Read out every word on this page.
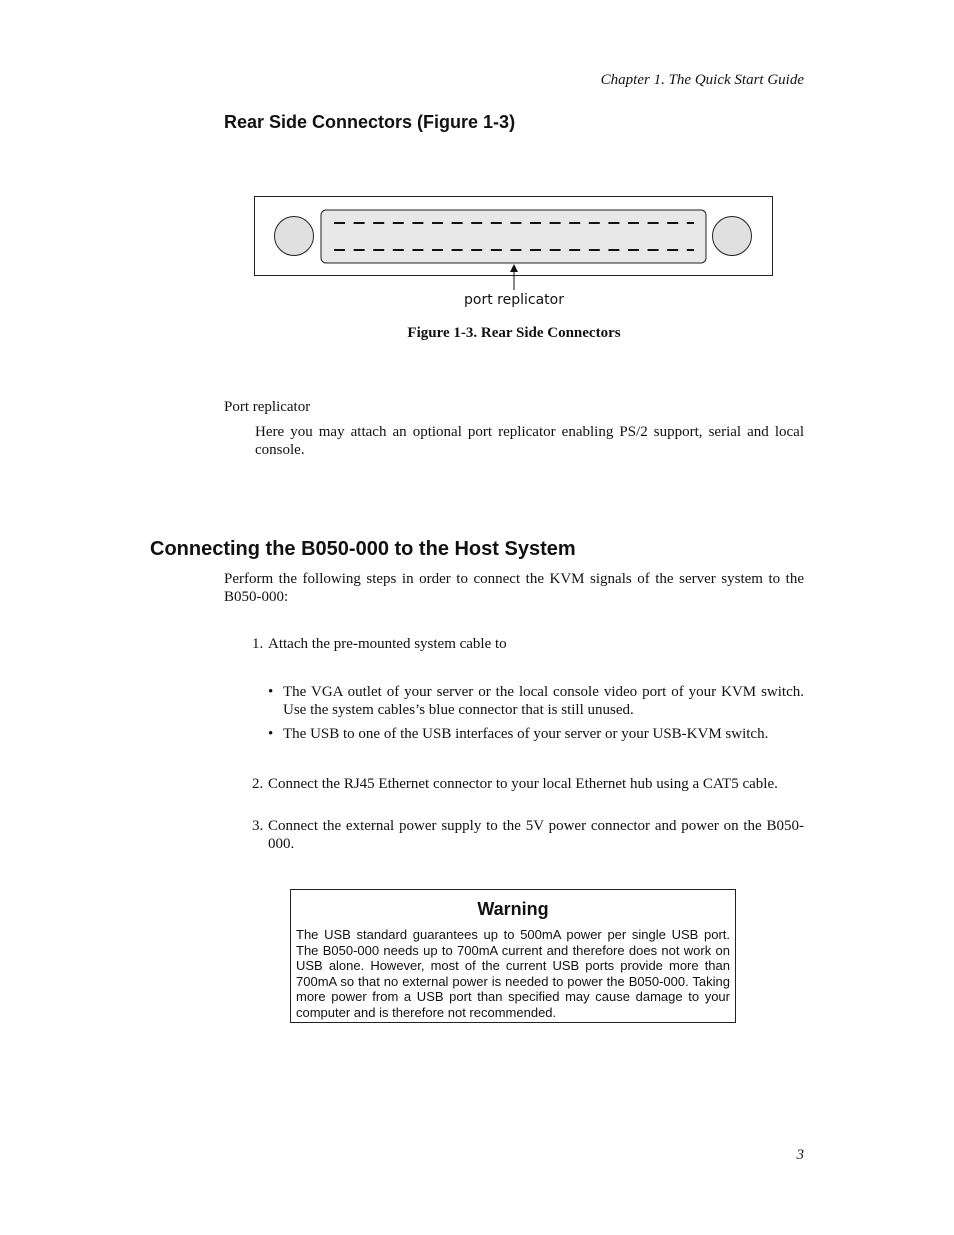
Chapter 1. The Quick Start Guide
Rear Side Connectors (Figure 1-3)
port replicator
Figure 1-3. Rear Side Connectors
Port replicator
Here you may attach an optional port replicator enabling PS/2 support, serial and local console.
Connecting the B050-000 to the Host System
Perform the following steps in order to connect the KVM signals of the server system to the B050-000:
1. Attach the pre-mounted system cable to
• The VGA outlet of your server or the local console video port of your KVM switch. Use the system cables’s blue connector that is still unused.
• The USB to one of the USB interfaces of your server or your USB-KVM switch.
2. Connect the RJ45 Ethernet connector to your local Ethernet hub using a CAT5 cable.
3. Connect the external power supply to the 5V power connector and power on the B050-000.
Warning
The USB standard guarantees up to 500mA power per single USB port. The B050-000 needs up to 700mA current and therefore does not work on USB alone. However, most of the current USB ports provide more than 700mA so that no external power is needed to power the B050-000. Taking more power from a USB port than specified may cause damage to your computer and is therefore not recommended.
3
